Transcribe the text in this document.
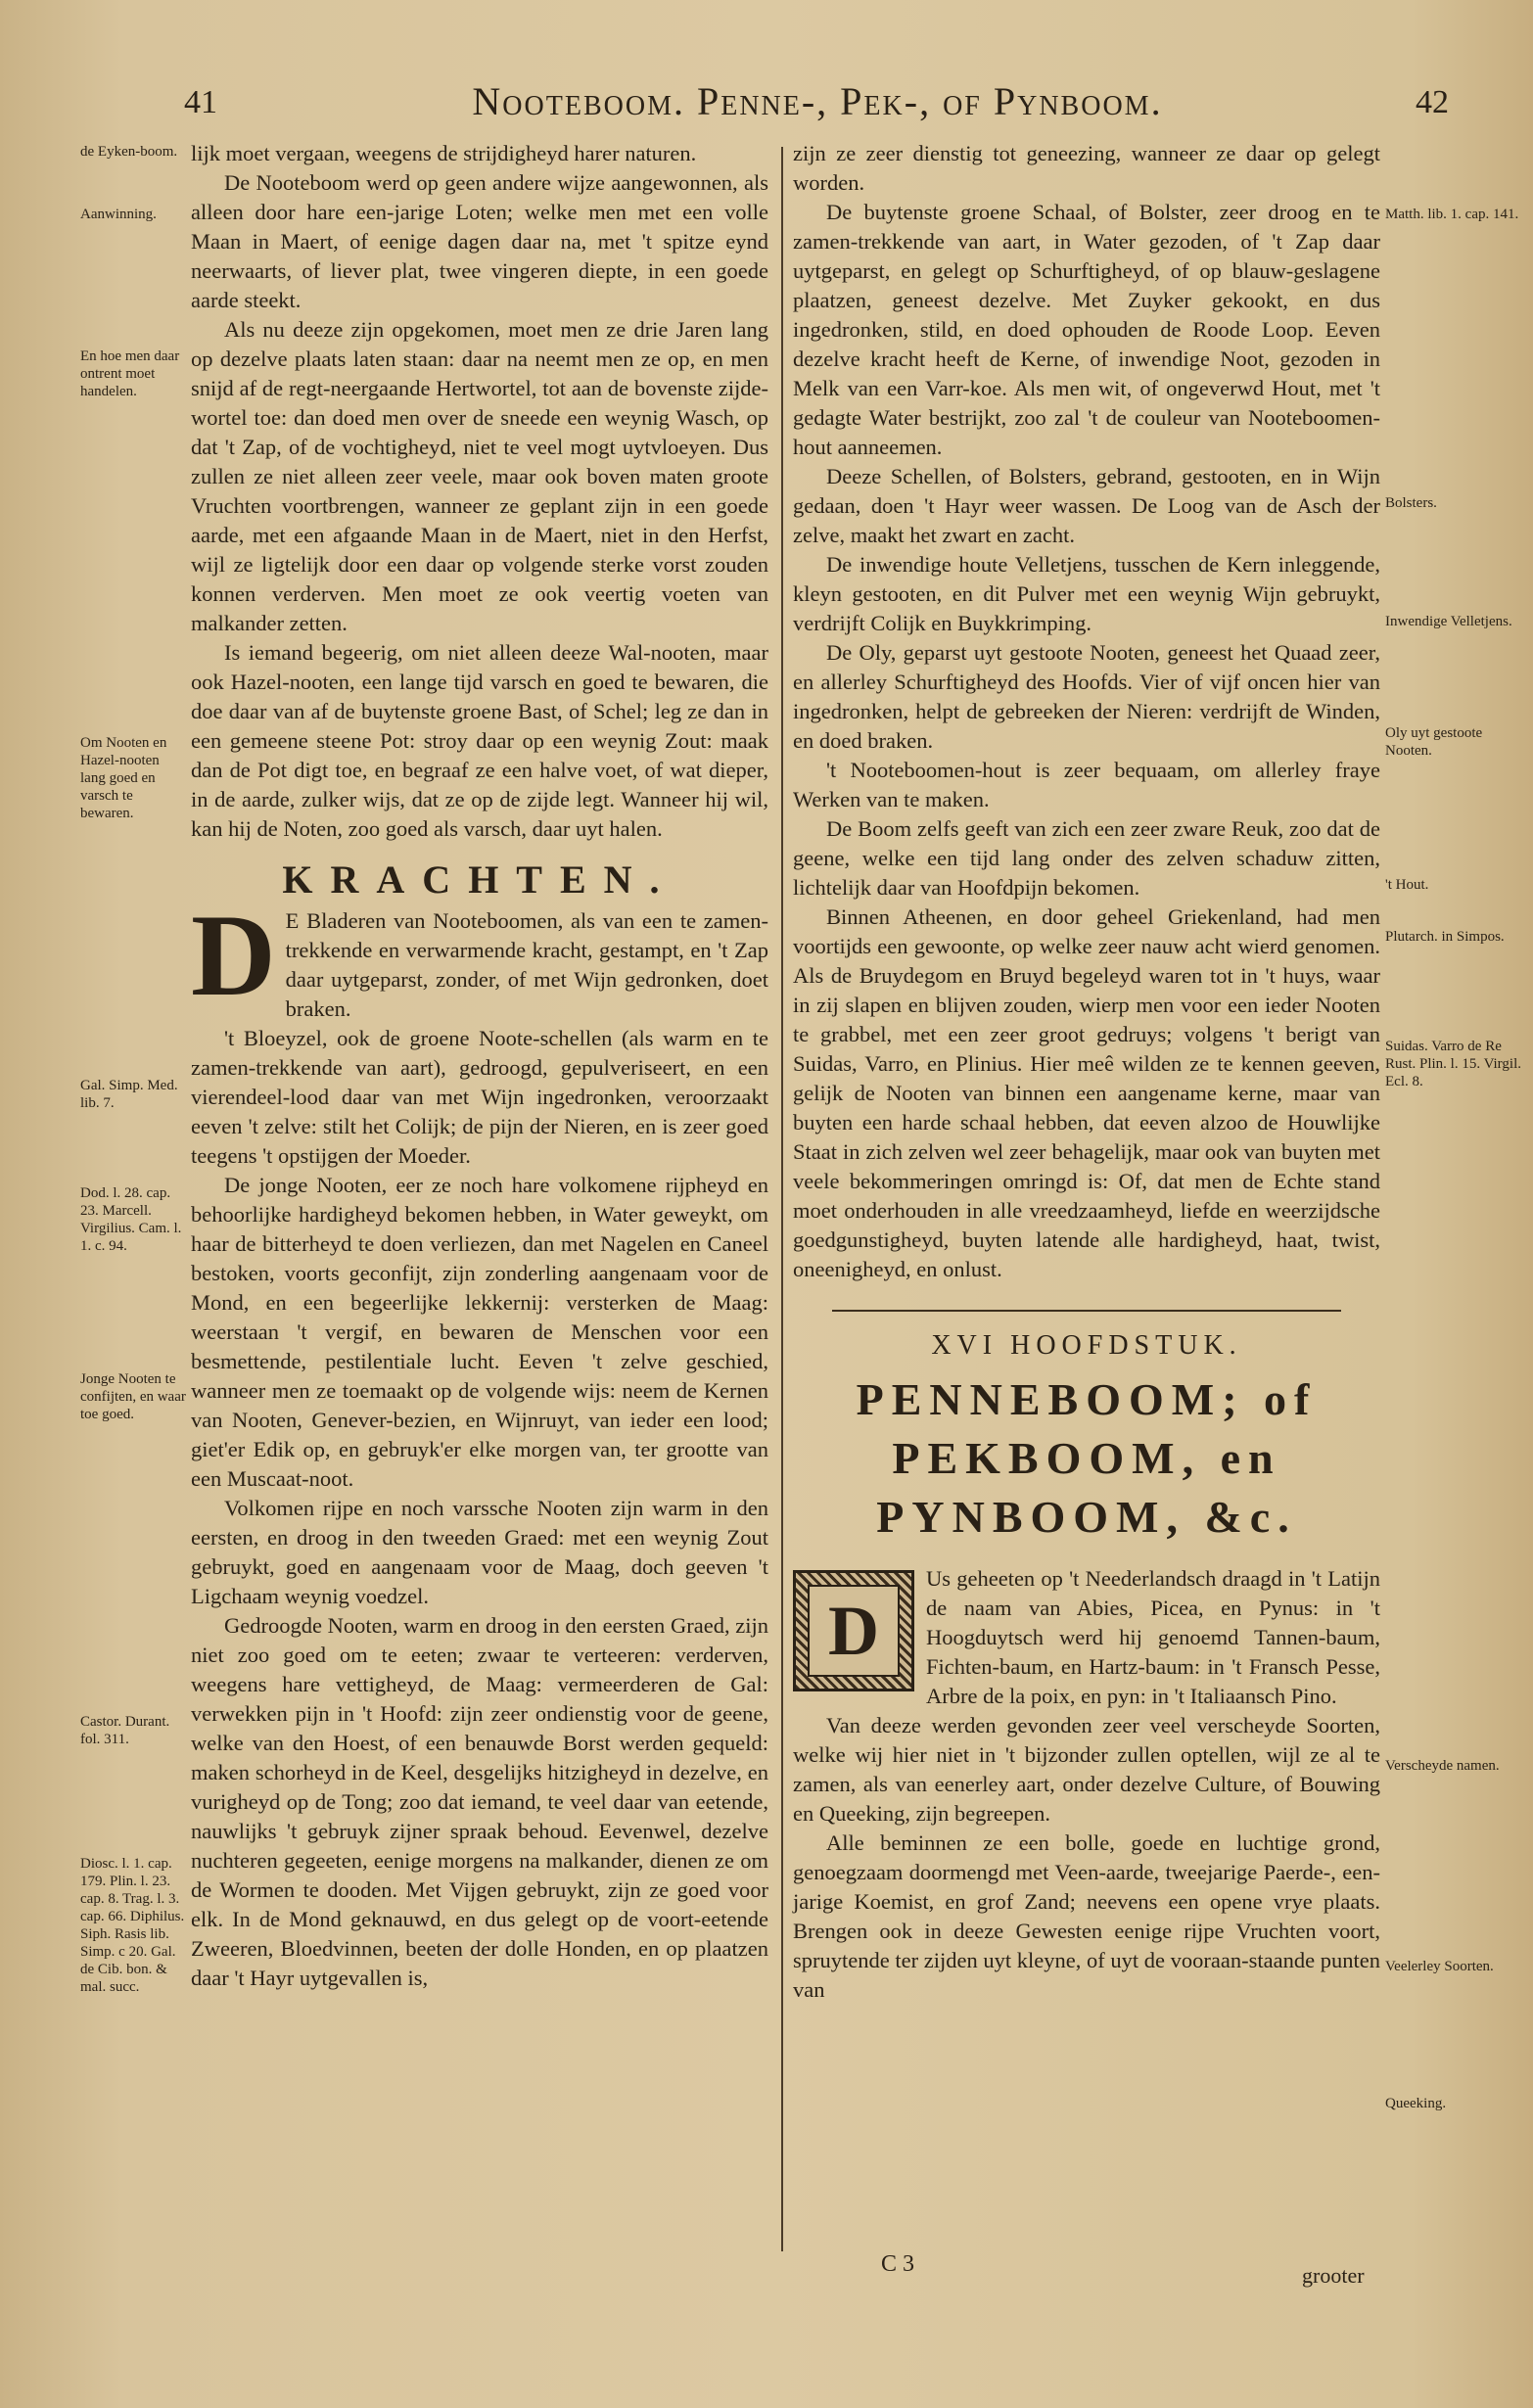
41	Nooteboom. Penne-, Pek-, of Pynboom.	42
de Eyken-boom.
Aanwinning.
En hoe men daar ontrent moet handelen.
Om Nooten en Hazel-nooten lang goed en varsch te bewaren.
Gal. Simp. Med. lib. 7.
Dod. l. 28. cap. 23. Marcell. Virgilius. Cam. l. 1. c. 94.
Jonge Nooten te confijten, en waar toe goed.
Castor. Durant. fol. 311.
Diosc. l. 1. cap. 179. Plin. l. 23. cap. 8. Trag. l. 3. cap. 66. Diphilus. Siph. Rasis lib. Simp. c 20. Gal. de Cib. bon. & mal. succ.

lijk moet vergaan, weegens de strijdigheyd harer naturen.

De Nooteboom werd op geen andere wijze aangewonnen, als alleen door hare een-jarige Loten; welke men met een volle Maan in Maert, of eenige dagen daar na, met 't spitze eynd neerwaarts, of liever plat, twee vingeren diepte, in een goede aarde steekt.

Als nu deeze zijn opgekomen, moet men ze drie Jaren lang op dezelve plaats laten staan: daar na neemt men ze op, en men snijd af de regt-neergaande Hertwortel, tot aan de bovenste zijde-wortel toe: dan doed men over de sneede een weynig Wasch, op dat 't Zap, of de vochtigheyd, niet te veel mogt uytvloeyen. Dus zullen ze niet alleen zeer veele, maar ook boven maten groote Vruchten voortbrengen, wanneer ze geplant zijn in een goede aarde, met een afgaande Maan in de Maert, niet in den Herfst, wijl ze ligtelijk door een daar op volgende sterke vorst zouden konnen verderven. Men moet ze ook veertig voeten van malkander zetten.

Is iemand begeerig, om niet alleen deeze Wal-nooten, maar ook Hazel-nooten, een lange tijd varsch en goed te bewaren, die doe daar van af de buytenste groene Bast, of Schel; leg ze dan in een gemeene steene Pot: stroy daar op een weynig Zout: maak dan de Pot digt toe, en begraaf ze een halve voet, of wat dieper, in de aarde, zulker wijs, dat ze op de zijde legt. Wanneer hij wil, kan hij de Noten, zoo goed als varsch, daar uyt halen.

KRACHTEN.

D E Bladeren van Nooteboomen, als van een te zamen-trekkende en verwarmende kracht, gestampt, en 't Zap daar uytgeparst, zonder, of met Wijn gedronken, doet braken.

't Bloeyzel, ook de groene Noote-schellen (als warm en te zamen-trekkende van aart), gedroogd, gepulveriseert, en een vierendeel-lood daar van met Wijn ingedronken, veroorzaakt eeven 't zelve: stilt het Colijk; de pijn der Nieren, en is zeer goed teegens 't opstijgen der Moeder.

De jonge Nooten, eer ze noch hare volkomene rijpheyd en behoorlijke hardigheyd bekomen hebben, in Water geweykt, om haar de bitterheyd te doen verliezen, dan met Nagelen en Caneel bestoken, voorts geconfijt, zijn zonderling aangenaam voor de Mond, en een begeerlijke lekkernij: versterken de Maag: weerstaan 't vergif, en bewaren de Menschen voor een besmettende, pestilentiale lucht. Eeven 't zelve geschied, wanneer men ze toemaakt op de volgende wijs: neem de Kernen van Nooten, Genever-bezien, en Wijnruyt, van ieder een lood; giet'er Edik op, en gebruyk'er elke morgen van, ter grootte van een Muscaat-noot.

Volkomen rijpe en noch varssche Nooten zijn warm in den eersten, en droog in den tweeden Graed: met een weynig Zout gebruykt, goed en aangenaam voor de Maag, doch geeven 't Ligchaam weynig voedzel.

Gedroogde Nooten, warm en droog in den eersten Graed, zijn niet zoo goed om te eeten; zwaar te verteeren: verderven, weegens hare vettigheyd, de Maag: vermeerderen de Gal: verwekken pijn in 't Hoofd: zijn zeer ondienstig voor de geene, welke van den Hoest, of een benauwde Borst werden gequeld: maken schorheyd in de Keel, desgelijks hitzigheyd in dezelve, en vurigheyd op de Tong; zoo dat iemand, te veel daar van eetende, nauwlijks 't gebruyk zijner spraak behoud. Eevenwel, dezelve nuchteren gegeeten, eenige morgens na malkander, dienen ze om de Wormen te dooden. Met Vijgen gebruykt, zijn ze goed voor elk. In de Mond geknauwd, en dus gelegt op de voort-eetende Zweeren, Bloedvinnen, beeten der dolle Honden, en op plaatzen daar 't Hayr uytgevallen is,

zijn ze zeer dienstig tot geneezing, wanneer ze daar op gelegt worden.

De buytenste groene Schaal, of Bolster, zeer droog en te zamen-trekkende van aart, in Water gezoden, of 't Zap daar uytgeparst, en gelegt op Schurftigheyd, of op blauw-geslagene plaatzen, geneest dezelve. Met Zuyker gekookt, en dus ingedronken, stild, en doed ophouden de Roode Loop. Eeven dezelve kracht heeft de Kerne, of inwendige Noot, gezoden in Melk van een Varr-koe. Als men wit, of ongeverwd Hout, met 't gedagte Water bestrijkt, zoo zal 't de couleur van Nooteboomen-hout aanneemen.

Deeze Schellen, of Bolsters, gebrand, gestooten, en in Wijn gedaan, doen 't Hayr weer wassen. De Loog van de Asch der zelve, maakt het zwart en zacht.

De inwendige houte Velletjens, tusschen de Kern inleggende, kleyn gestooten, en dit Pulver met een weynig Wijn gebruykt, verdrijft Colijk en Buykkrimping.

De Oly, geparst uyt gestoote Nooten, geneest het Quaad zeer, en allerley Schurftigheyd des Hoofds. Vier of vijf oncen hier van ingedronken, helpt de gebreeken der Nieren: verdrijft de Winden, en doed braken.

't Nooteboomen-hout is zeer bequaam, om allerley fraye Werken van te maken.

De Boom zelfs geeft van zich een zeer zware Reuk, zoo dat de geene, welke een tijd lang onder des zelven schaduw zitten, lichtelijk daar van Hoofdpijn bekomen.

Binnen Atheenen, en door geheel Griekenland, had men voortijds een gewoonte, op welke zeer nauw acht wierd genomen. Als de Bruydegom en Bruyd begeleyd waren tot in 't huys, waar in zij slapen en blijven zouden, wierp men voor een ieder Nooten te grabbel, met een zeer groot gedruys; volgens 't berigt van Suidas, Varro, en Plinius. Hier meê wilden ze te kennen geeven, gelijk de Nooten van binnen een aangename kerne, maar van buyten een harde schaal hebben, dat eeven alzoo de Houwlijke Staat in zich zelven wel zeer behagelijk, maar ook van buyten met veele bekommeringen omringd is: Of, dat men de Echte stand moet onderhouden in alle vreedzaamheyd, liefde en weerzijdsche goedgunstigheyd, buyten latende alle hardigheyd, haat, twist, oneenigheyd, en onlust.

XVI HOOFDSTUK.
PENNEBOOM; of
PEKBOOM, en
PYNBOOM, &c.

D
Us geheeten op 't Neederlandsch draagd in 't Latijn de naam van Abies, Picea, en Pynus: in 't Hoogduytsch werd hij genoemd Tannen-baum, Fichten-baum, en Hartz-baum: in 't Fransch Pesse, Arbre de la poix, en pyn: in 't Italiaansch Pino.

Van deeze werden gevonden zeer veel verscheyde Soorten, welke wij hier niet in 't bijzonder zullen optellen, wijl ze al te zamen, als van eenerley aart, onder dezelve Culture, of Bouwing en Queeking, zijn begreepen.

Alle beminnen ze een bolle, goede en luchtige grond, genoegzaam doormengd met Veen-aarde, tweejarige Paerde-, een-jarige Koemist, en grof Zand; neevens een opene vrye plaats. Brengen ook in deeze Gewesten eenige rijpe Vruchten voort, spruytende ter zijden uyt kleyne, of uyt de vooraan-staande punten van

Matth. lib. 1. cap. 141.
Bolsters.
Inwendige Velletjens.
Oly uyt gestoote Nooten.
't Hout.
Plutarch. in Simpos.
Suidas. Varro de Re Rust. Plin. l. 15. Virgil. Ecl. 8.
Verscheyde namen.
Veelerley Soorten.
Queeking.
C 3	grooter
